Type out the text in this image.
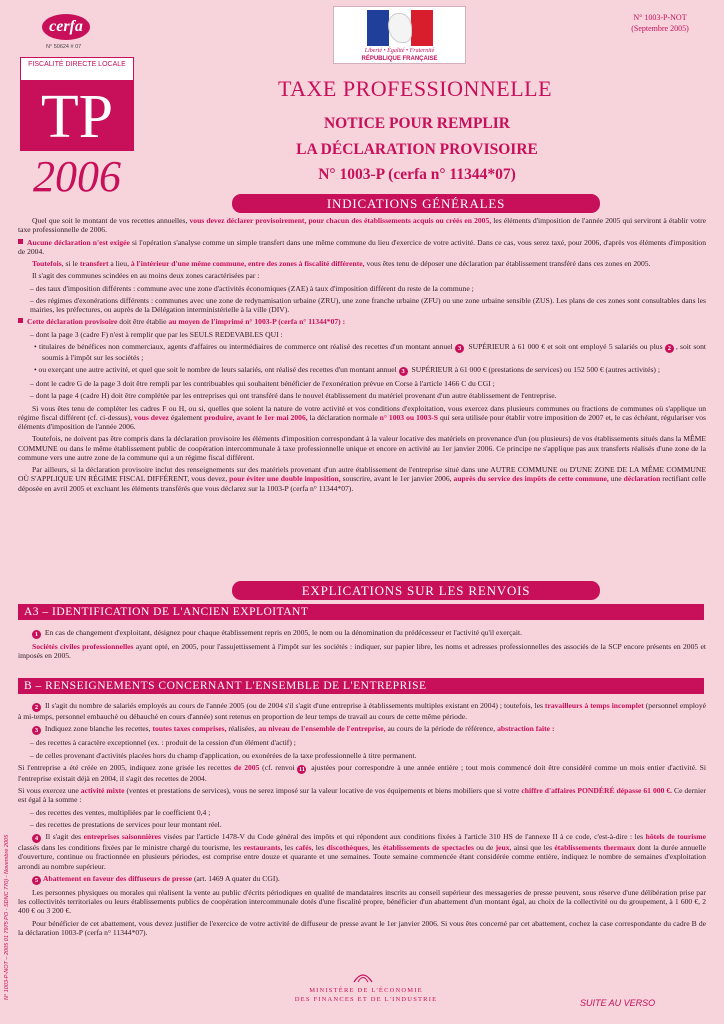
cerfa
N° 50624 # 07
FISCALITÉ DIRECTE LOCALE
TP
2006
Liberté • Égalité • Fraternité
RÉPUBLIQUE FRANÇAISE
N° 1003-P-NOT
(Septembre 2005)
TAXE PROFESSIONNELLE
NOTICE POUR REMPLIR
LA DÉCLARATION PROVISOIRE
N° 1003-P (cerfa n° 11344*07)
INDICATIONS GÉNÉRALES

Quel que soit le montant de vos recettes annuelles, vous devez déclarer provisoirement, pour chacun des établissements acquis ou créés en 2005, les éléments d'imposition de l'année 2005 qui serviront à établir votre taxe professionnelle de 2006.

Aucune déclaration n'est exigée si l'opération s'analyse comme un simple transfert dans une même commune du lieu d'exercice de votre activité. Dans ce cas, vous serez taxé, pour 2006, d'après vos éléments d'imposition de 2004.

Toutefois, si le transfert a lieu, à l'intérieur d'une même commune, entre des zones à fiscalité différente, vous êtes tenu de déposer une déclaration par établissement transféré dans ces zones en 2005.

Il s'agit des communes scindées en au moins deux zones caractérisées par :

– des taux d'imposition différents : commune avec une zone d'activités économiques (ZAE) à taux d'imposition différent du reste de la commune ;

– des régimes d'exonérations différents : communes avec une zone de redynamisation urbaine (ZRU), une zone franche urbaine (ZFU) ou une zone urbaine sensible (ZUS). Les plans de ces zones sont consultables dans les mairies, les préfectures, ou auprès de la Délégation interministérielle à la ville (DIV).

Cette déclaration provisoire doit être établie au moyen de l'imprimé n° 1003-P (cerfa n° 11344*07) :

– dont la page 3 (cadre F) n'est à remplir que par les SEULS REDEVABLES QUI :

• titulaires de bénéfices non commerciaux, agents d'affaires ou intermédiaires de commerce ont réalisé des recettes d'un montant annuel 3 SUPÉRIEUR à 61 000 € et soit ont employé 5 salariés ou plus 2 , soit sont soumis à l'impôt sur les sociétés ;

• ou exerçant une autre activité, et quel que soit le nombre de leurs salariés, ont réalisé des recettes d'un montant annuel 3 SUPÉRIEUR à 61 000 € (prestations de services) ou 152 500 € (autres activités) ;

– dont le cadre G de la page 3 doit être rempli par les contribuables qui souhaitent bénéficier de l'exonération prévue en Corse à l'article 1466 C du CGI ;

– dont la page 4 (cadre H) doit être complétée par les entreprises qui ont transféré dans le nouvel établissement du matériel provenant d'un autre établissement de l'entreprise.

Si vous êtes tenu de compléter les cadres F ou H, ou si, quelles que soient la nature de votre activité et vos conditions d'exploitation, vous exercez dans plusieurs communes ou fractions de communes où s'applique un régime fiscal différent (cf. ci-dessus), vous devez également produire, avant le 1er mai 2006, la déclaration normale n° 1003 ou 1003-S qui sera utilisée pour établir votre imposition de 2007 et, le cas échéant, régulariser vos éléments d'imposition de l'année 2006.

Toutefois, ne doivent pas être compris dans la déclaration provisoire les éléments d'imposition correspondant à la valeur locative des matériels en provenance d'un (ou plusieurs) de vos établissements situés dans la MÊME COMMUNE ou dans le même établissement public de coopération intercommunale à taxe professionnelle unique et encore en activité au 1er janvier 2006. Ce principe ne s'applique pas aux transferts réalisés d'une zone de la commune vers une autre zone de la commune qui a un régime fiscal différent.

Par ailleurs, si la déclaration provisoire inclut des renseignements sur des matériels provenant d'un autre établissement de l'entreprise situé dans une AUTRE COMMUNE ou D'UNE ZONE DE LA MÊME COMMUNE OÙ S'APPLIQUE UN RÉGIME FISCAL DIFFÉRENT, vous devez, pour éviter une double imposition, souscrire, avant le 1er janvier 2006, auprès du service des impôts de cette commune, une déclaration rectifiant celle déposée en avril 2005 et excluant les éléments transférés que vous déclarez sur la 1003-P (cerfa n° 11344*07).

EXPLICATIONS SUR LES RENVOIS
A3 – IDENTIFICATION DE L'ANCIEN EXPLOITANT

1 En cas de changement d'exploitant, désignez pour chaque établissement repris en 2005, le nom ou la dénomination du prédécesseur et l'activité qu'il exerçait.

Sociétés civiles professionnelles ayant opté, en 2005, pour l'assujettissement à l'impôt sur les sociétés : indiquer, sur papier libre, les noms et adresses professionnelles des associés de la SCP encore présents en 2005 et imposés en 2005.

B – RENSEIGNEMENTS CONCERNANT L'ENSEMBLE DE L'ENTREPRISE

2 Il s'agit du nombre de salariés employés au cours de l'année 2005 (ou de 2004 s'il s'agit d'une entreprise à établissements multiples existant en 2004) ; toutefois, les travailleurs à temps incomplet (personnel employé à mi-temps, personnel embauché ou débauché en cours d'année) sont retenus en proportion de leur temps de travail au cours de cette même période.

3 Indiquez zone blanche les recettes, toutes taxes comprises, réalisées, au niveau de l'ensemble de l'entreprise, au cours de la période de référence, abstraction faite :

– des recettes à caractère exceptionnel (ex. : produit de la cession d'un élément d'actif) ;

– de celles provenant d'activités placées hors du champ d'application, ou exonérées de la taxe professionnelle à titre permanent.

Si l'entreprise a été créée en 2005, indiquez zone grisée les recettes de 2005 (cf. renvoi 11 ajustées pour correspondre à une année entière ; tout mois commencé doit être considéré comme un mois entier d'activité. Si l'entreprise existait déjà en 2004, il s'agit des recettes de 2004.

Si vous exercez une activité mixte (ventes et prestations de services), vous ne serez imposé sur la valeur locative de vos équipements et biens mobiliers que si votre chiffre d'affaires PONDÉRÉ dépasse 61 000 €. Ce dernier est égal à la somme :

– des recettes des ventes, multipliées par le coefficient 0,4 ;

– des recettes de prestations de services pour leur montant réel.

4 Il s'agit des entreprises saisonnières visées par l'article 1478-V du Code général des impôts et qui répondent aux conditions fixées à l'article 310 HS de l'annexe II à ce code, c'est-à-dire : les hôtels de tourisme classés dans les conditions fixées par le ministre chargé du tourisme, les restaurants, les cafés, les discothèques, les établissements de spectacles ou de jeux, ainsi que les établissements thermaux dont la durée annuelle d'ouverture, continue ou fractionnée en plusieurs périodes, est comprise entre douze et quarante et une semaines. Toute semaine commencée étant considérée comme entière, indiquez le nombre de semaines d'exploitation arrondi au nombre supérieur.

5 Abattement en faveur des diffuseurs de presse (art. 1469 A quater du CGI).

Les personnes physiques ou morales qui réalisent la vente au public d'écrits périodiques en qualité de mandataires inscrits au conseil supérieur des messageries de presse peuvent, sous réserve d'une délibération prise par les collectivités territoriales ou leurs établissements publics de coopération intercommunale dotés d'une fiscalité propre, bénéficier d'un abattement d'un montant égal, au choix de la collectivité ou du groupement, à 1 600 €, 2 400 € ou 3 200 €.

Pour bénéficier de cet abattement, vous devez justifier de l'exercice de votre activité de diffuseur de presse avant le 1er janvier 2006. Si vous êtes concerné par cet abattement, cochez la case correspondante du cadre B de la déclaration 1003-P (cerfa n° 11344*07).

N° 1003-P-NOT – 2005 01 7975 PO - SDNC 770) - Novembre 2005	MINISTÈRE DE L'ÉCONOMIE
DES FINANCES ET DE L'INDUSTRIE	SUITE AU VERSO
